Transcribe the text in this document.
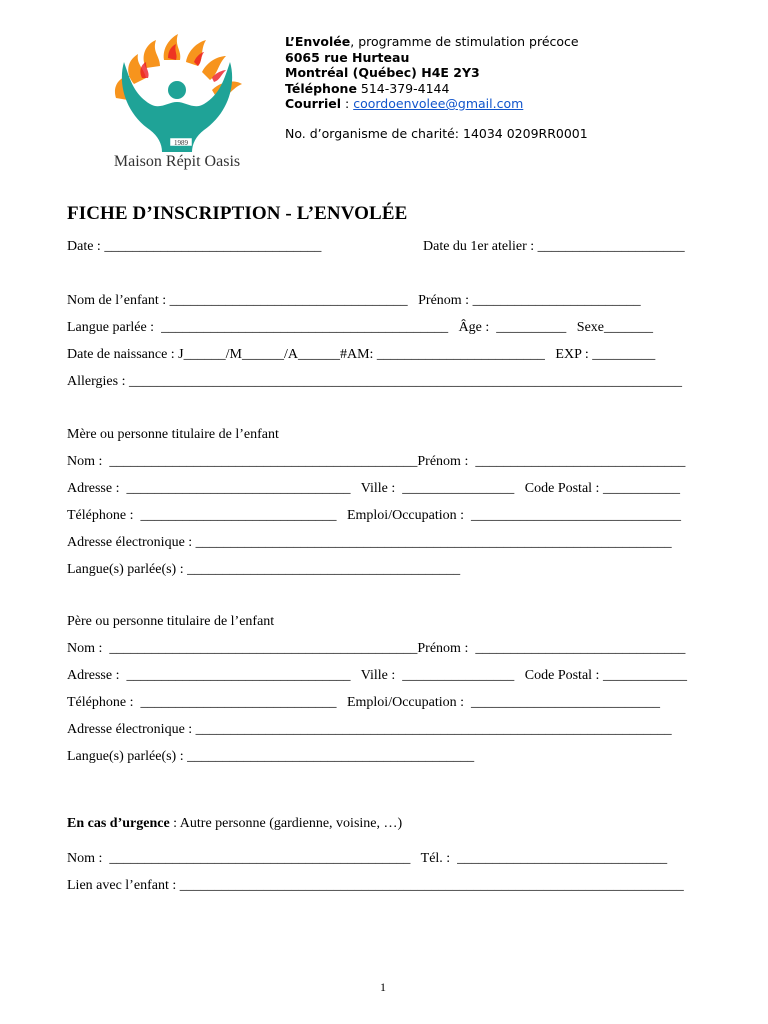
1989
Maison Répit Oasis
L’Envolée, programme de stimulation précoce
6065 rue Hurteau
Montréal (Québec) H4E 2Y3
Téléphone 514-379-4144
Courriel : coordoenvolee@gmail.com
No. d’organisme de charité: 14034 0209RR0001
FICHE D’INSCRIPTION - L’ENVOLÉE
Date : _______________________________	Date du 1er atelier : _____________________
Nom de l’enfant : __________________________________   Prénom : ________________________
Langue parlée :  _________________________________________   Âge :  __________   Sexe_______
Date de naissance : J______/M______/A______#AM: ________________________   EXP : _________
Allergies : _______________________________________________________________________________
Mère ou personne titulaire de l’enfant
Nom :  ____________________________________________Prénom :  ______________________________
Adresse :  ________________________________   Ville :  ________________   Code Postal : ___________
Téléphone :  ____________________________   Emploi/Occupation :  ______________________________
Adresse électronique : ____________________________________________________________________
Langue(s) parlée(s) : _______________________________________
Père ou personne titulaire de l’enfant
Nom :  ____________________________________________Prénom :  ______________________________
Adresse :  ________________________________   Ville :  ________________   Code Postal : ____________
Téléphone :  ____________________________   Emploi/Occupation :  ___________________________
Adresse électronique : ____________________________________________________________________
Langue(s) parlée(s) : _________________________________________
En cas d’urgence : Autre personne (gardienne, voisine, …)
Nom :  ___________________________________________   Tél. :  ______________________________
Lien avec l’enfant : ________________________________________________________________________
1
